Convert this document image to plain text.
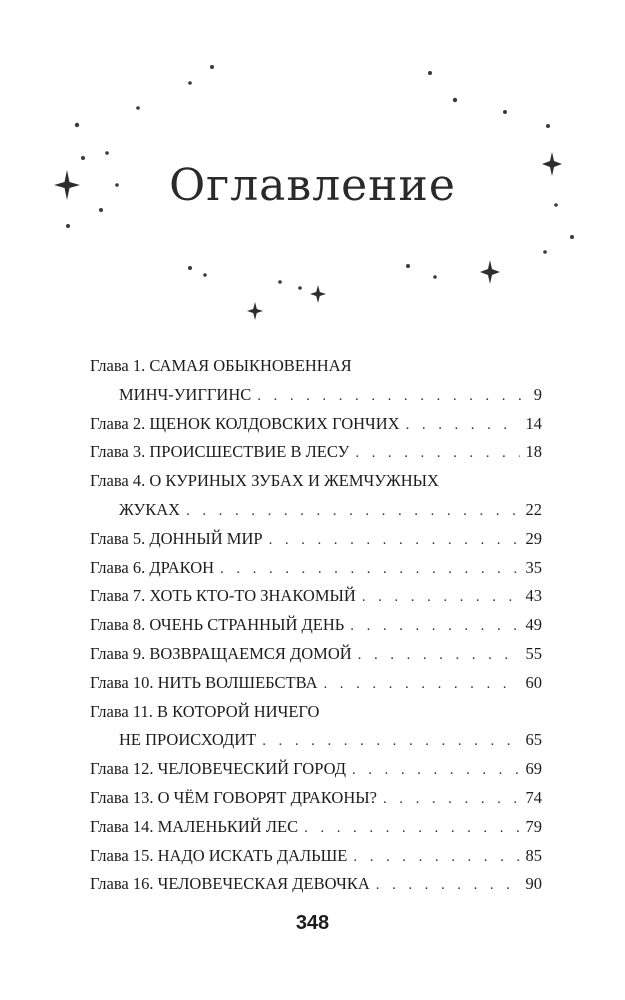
Оглавление
Глава 1. САМАЯ ОБЫКНОВЕННАЯ
МИНЧ-УИГГИНС . . .	9
Глава 2. ЩЕНОК КОЛДОВСКИХ ГОНЧИХ . . .	14
Глава 3. ПРОИСШЕСТВИЕ В ЛЕСУ . . .	18
Глава 4. О КУРИНЫХ ЗУБАХ И ЖЕМЧУЖНЫХ
ЖУКАХ . . .	22
Глава 5. ДОННЫЙ МИР . . .	29
Глава 6. ДРАКОН . . .	35
Глава 7. ХОТЬ КТО-ТО ЗНАКОМЫЙ . . .	43
Глава 8. ОЧЕНЬ СТРАННЫЙ ДЕНЬ . . .	49
Глава 9. ВОЗВРАЩАЕМСЯ ДОМОЙ . . .	55
Глава 10. НИТЬ ВОЛШЕБСТВА . . .	60
Глава 11. В КОТОРОЙ НИЧЕГО
НЕ ПРОИСХОДИТ . . .	65
Глава 12. ЧЕЛОВЕЧЕСКИЙ ГОРОД . . .	69
Глава 13. О ЧЁМ ГОВОРЯТ ДРАКОНЫ? . . .	74
Глава 14. МАЛЕНЬКИЙ ЛЕС . . .	79
Глава 15. НАДО ИСКАТЬ ДАЛЬШЕ . . .	85
Глава 16. ЧЕЛОВЕЧЕСКАЯ ДЕВОЧКА . . .	90
348
